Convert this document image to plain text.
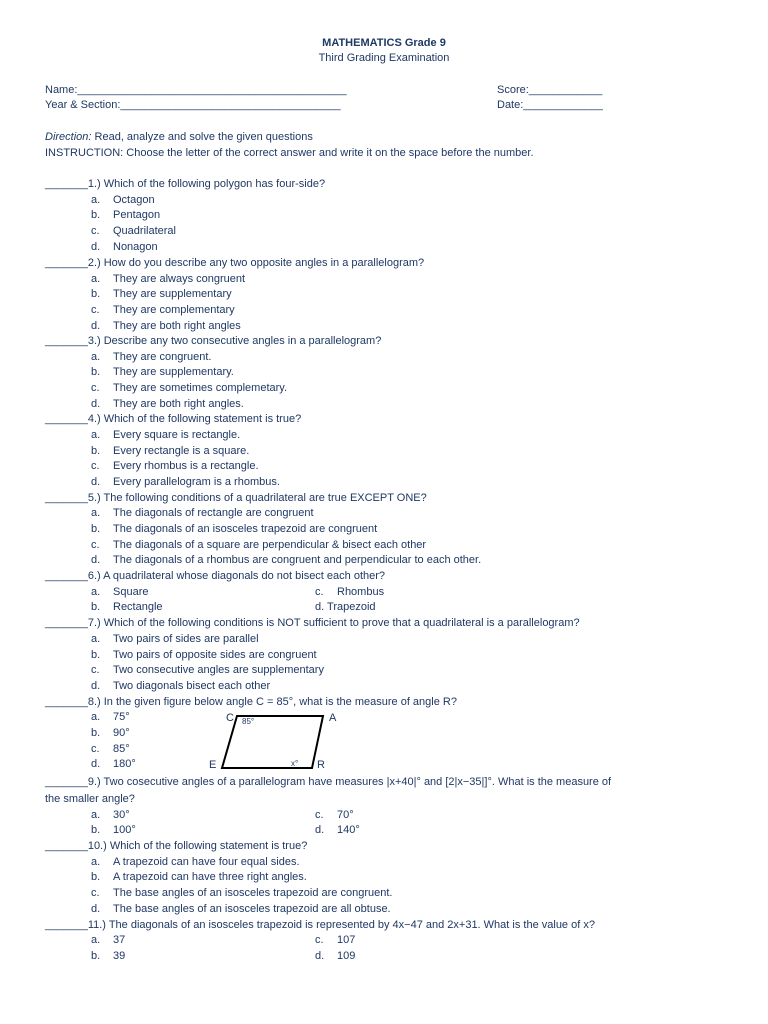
MATHEMATICS Grade 9
Third Grading Examination
Name:____________________________________________	Score:____________
Year & Section:____________________________________	Date:_____________
Direction: Read, analyze and solve the given questions
INSTRUCTION: Choose the letter of the correct answer and write it on the space before the number.
_______1.) Which of the following polygon has four-side?
a. Octagon
b. Pentagon
c. Quadrilateral
d. Nonagon
_______2.) How do you describe any two opposite angles in a parallelogram?
a. They are always congruent
b. They are supplementary
c. They are complementary
d. They are both right angles
_______3.) Describe any two consecutive angles in a parallelogram?
a. They are congruent.
b. They are supplementary.
c. They are sometimes complemetary.
d. They are both right angles.
_______4.) Which of the following statement is true?
a. Every square is rectangle.
b. Every rectangle is a square.
c. Every rhombus is a rectangle.
d. Every parallelogram is a rhombus.
_______5.) The following conditions of a quadrilateral are true EXCEPT ONE?
a. The diagonals of rectangle are congruent
b. The diagonals of an isosceles trapezoid are congruent
c. The diagonals of a square are perpendicular & bisect each other
d. The diagonals of a rhombus are congruent and perpendicular to each other.
_______6.) A quadrilateral whose diagonals do not bisect each other?
a. Square
b. Rectangle
c. Rhombus
d. Trapezoid
_______7.) Which of the following conditions is NOT sufficient to prove that a quadrilateral is a parallelogram?
a. Two pairs of sides are parallel
b. Two pairs of opposite sides are congruent
c. Two consecutive angles are supplementary
d. Two diagonals bisect each other
_______8.) In the given figure below angle C = 85°, what is the measure of angle R?
a. 75°
b. 90°
c. 85°
d. 180°
C	A
E	R
85°
x°
_______9.) Two cosecutive angles of a parallelogram have measures |x+40|° and [2|x−35|]°. What is the measure of
the smaller angle?
a. 30°
b. 100°
c. 70°
d. 140°
_______10.) Which of the following statement is true?
a. A trapezoid can have four equal sides.
b. A trapezoid can have three right angles.
c. The base angles of an isosceles trapezoid are congruent.
d. The base angles of an isosceles trapezoid are all obtuse.
_______11.) The diagonals of an isosceles trapezoid is represented by 4x−47 and 2x+31. What is the value of x?
a. 37
b. 39
c. 107
d. 109
